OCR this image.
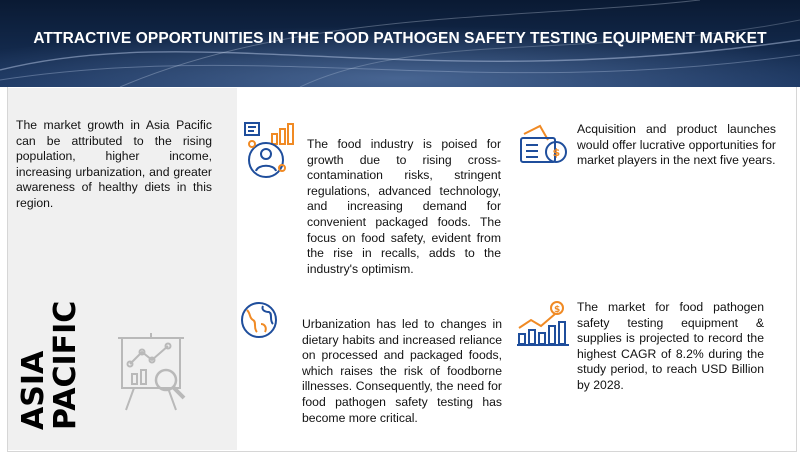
ATTRACTIVE OPPORTUNITIES IN THE FOOD PATHOGEN SAFETY TESTING EQUIPMENT MARKET
The market growth in Asia Pacific can be attributed to the rising population, higher income, increasing urbanization, and greater awareness of healthy diets in this region.
ASIA
PACIFIC
The food industry is poised for growth due to rising cross-contamination risks, stringent regulations, advanced technology, and increasing demand for convenient packaged foods. The focus on food safety, evident from the rise in recalls, adds to the industry's optimism.
Urbanization has led to changes in dietary habits and increased reliance on processed and packaged foods, which raises the risk of foodborne illnesses. Consequently, the need for food pathogen safety testing has become more critical.
$
Acquisition and product launches would offer lucrative opportunities for market players in the next five years.
$ The market for food pathogen safety testing equipment & supplies is projected to record the highest CAGR of 8.2% during the study period, to reach USD Billion by 2028.
